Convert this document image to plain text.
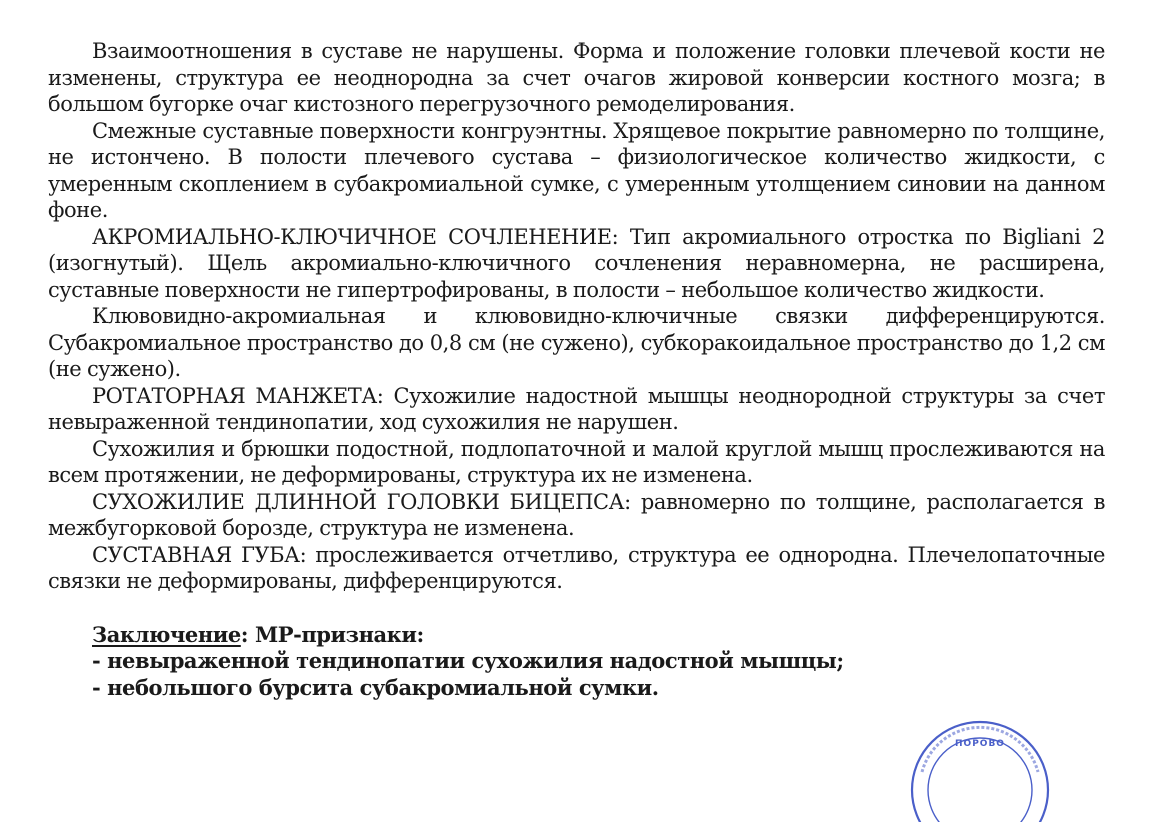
Взаимоотношения в суставе не нарушены. Форма и положение головки плечевой кости не изменены, структура ее неоднородна за счет очагов жировой конверсии костного мозга; в большом бугорке очаг кистозного перегрузочного ремоделирования.

Смежные суставные поверхности конгруэнтны. Хрящевое покрытие равномерно по толщине, не истончено. В полости плечевого сустава – физиологическое количество жидкости, с умеренным скоплением в субакромиальной сумке, с умеренным утолщением синовии на данном фоне.

АКРОМИАЛЬНО-КЛЮЧИЧНОЕ СОЧЛЕНЕНИЕ: Тип акромиального отростка по Bigliani 2 (изогнутый). Щель акромиально-ключичного сочленения неравномерна, не расширена, суставные поверхности не гипертрофированы, в полости – небольшое количество жидкости.

Клювовидно-акромиальная и клювовидно-ключичные связки дифференцируются. Субакромиальное пространство до 0,8 см (не сужено), субкоракоидальное пространство до 1,2 см (не сужено).

РОТАТОРНАЯ МАНЖЕТА: Сухожилие надостной мышцы неоднородной структуры за счет невыраженной тендинопатии, ход сухожилия не нарушен.

Сухожилия и брюшки подостной, подлопаточной и малой круглой мышц прослеживаются на всем протяжении, не деформированы, структура их не изменена.

СУХОЖИЛИЕ ДЛИННОЙ ГОЛОВКИ БИЦЕПСА: равномерно по толщине, располагается в межбугорковой борозде, структура не изменена.

СУСТАВНАЯ ГУБА: прослеживается отчетливо, структура ее однородна. Плечелопаточные связки не деформированы, дифференцируются.

Заключение: МР-признаки:
- невыраженной тендинопатии сухожилия надостной мышцы;
- небольшого бурсита субакромиальной сумки.
ПОРОВО
